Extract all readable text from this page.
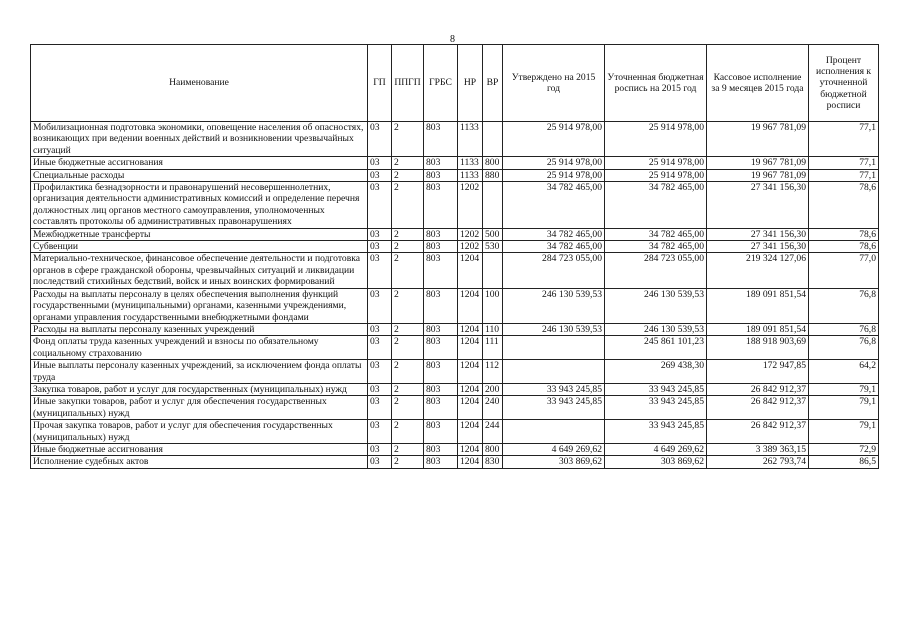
8
Наименование	ГП	ППГП	ГРБС	НР	ВР	Утверждено на 2015 год	Уточненная бюджетная роспись на 2015 год	Кассовое исполнение за 9 месяцев 2015 года	Процент исполнения к уточненной бюджетной росписи
Мобилизационная подготовка экономики, оповещение населения об опасностях, возникающих при ведении военных действий и возникновении чрезвычайных ситуаций	03	2	803	1133		25 914 978,00	25 914 978,00	19 967 781,09	77,1
Иные бюджетные ассигнования	03	2	803	1133	800	25 914 978,00	25 914 978,00	19 967 781,09	77,1
Специальные расходы	03	2	803	1133	880	25 914 978,00	25 914 978,00	19 967 781,09	77,1
Профилактика безнадзорности и правонарушений несовершеннолетних, организация деятельности административных комиссий и определение перечня должностных лиц органов местного самоуправления, уполномоченных составлять протоколы об административных правонарушениях	03	2	803	1202		34 782 465,00	34 782 465,00	27 341 156,30	78,6
Межбюджетные трансферты	03	2	803	1202	500	34 782 465,00	34 782 465,00	27 341 156,30	78,6
Субвенции	03	2	803	1202	530	34 782 465,00	34 782 465,00	27 341 156,30	78,6
Материально-техническое, финансовое обеспечение деятельности и подготовка органов в сфере гражданской обороны, чрезвычайных ситуаций и ликвидации последствий стихийных бедствий, войск и иных воинских формирований	03	2	803	1204		284 723 055,00	284 723 055,00	219 324 127,06	77,0
Расходы на выплаты персоналу в целях обеспечения выполнения функций государственными (муниципальными) органами, казенными учреждениями, органами управления государственными внебюджетными фондами	03	2	803	1204	100	246 130 539,53	246 130 539,53	189 091 851,54	76,8
Расходы на выплаты персоналу казенных учреждений	03	2	803	1204	110	246 130 539,53	246 130 539,53	189 091 851,54	76,8
Фонд оплаты труда казенных учреждений и взносы по обязательному социальному страхованию	03	2	803	1204	111		245 861 101,23	188 918 903,69	76,8
Иные выплаты персоналу казенных учреждений, за исключением фонда оплаты труда	03	2	803	1204	112		269 438,30	172 947,85	64,2
Закупка товаров, работ и услуг для государственных (муниципальных) нужд	03	2	803	1204	200	33 943 245,85	33 943 245,85	26 842 912,37	79,1
Иные закупки товаров, работ и услуг для обеспечения государственных (муниципальных) нужд	03	2	803	1204	240	33 943 245,85	33 943 245,85	26 842 912,37	79,1
Прочая закупка товаров, работ и услуг для обеспечения государственных (муниципальных) нужд	03	2	803	1204	244		33 943 245,85	26 842 912,37	79,1
Иные бюджетные ассигнования	03	2	803	1204	800	4 649 269,62	4 649 269,62	3 389 363,15	72,9
Исполнение судебных актов	03	2	803	1204	830	303 869,62	303 869,62	262 793,74	86,5
